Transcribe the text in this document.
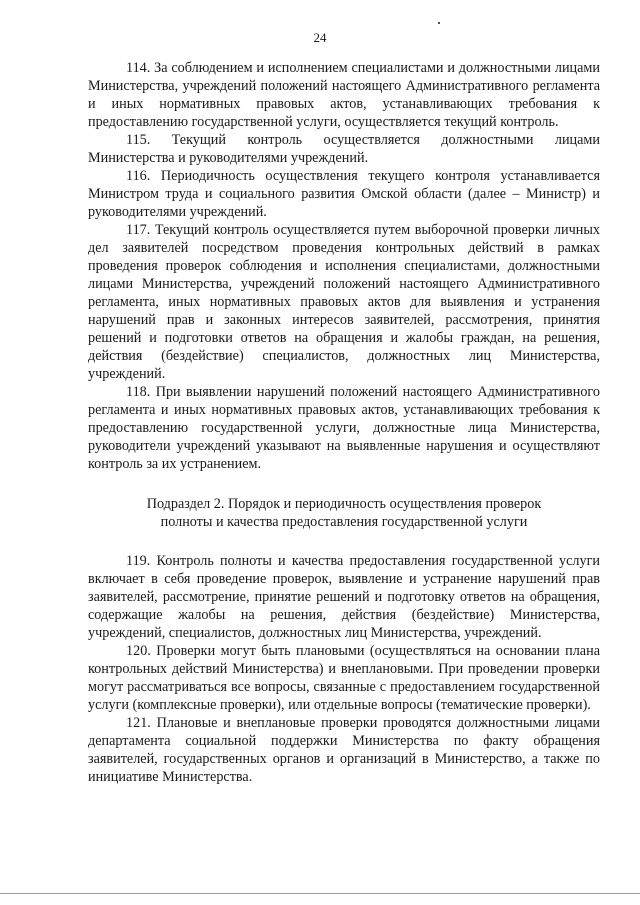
24

114. За соблюдением и исполнением специалистами и должностными лицами Министерства, учреждений положений настоящего Административного регламента и иных нормативных правовых актов, устанавливающих требования к предоставлению государственной услуги, осуществляется текущий контроль.

115. Текущий контроль осуществляется должностными лицами Министерства и руководителями учреждений.

116. Периодичность осуществления текущего контроля устанавливается Министром труда и социального развития Омской области (далее – Министр) и руководителями учреждений.

117. Текущий контроль осуществляется путем выборочной проверки личных дел заявителей посредством проведения контрольных действий в рамках проведения проверок соблюдения и исполнения специалистами, должностными лицами Министерства, учреждений положений настоящего Административного регламента, иных нормативных правовых актов для выявления и устранения нарушений прав и законных интересов заявителей, рассмотрения, принятия решений и подготовки ответов на обращения и жалобы граждан, на решения, действия (бездействие) специалистов, должностных лиц Министерства, учреждений.

118. При выявлении нарушений положений настоящего Административного регламента и иных нормативных правовых актов, устанавливающих требования к предоставлению государственной услуги, должностные лица Министерства, руководители учреждений указывают на выявленные нарушения и осуществляют контроль за их устранением.

Подраздел 2. Порядок и периодичность осуществления проверок
полноты и качества предоставления государственной услуги

119. Контроль полноты и качества предоставления государственной услуги включает в себя проведение проверок, выявление и устранение нарушений прав заявителей, рассмотрение, принятие решений и подготовку ответов на обращения, содержащие жалобы на решения, действия (бездействие) Министерства, учреждений, специалистов, должностных лиц Министерства, учреждений.

120. Проверки могут быть плановыми (осуществляться на основании плана контрольных действий Министерства) и внеплановыми. При проведении проверки могут рассматриваться все вопросы, связанные с предоставлением государственной услуги (комплексные проверки), или отдельные вопросы (тематические проверки).

121. Плановые и внеплановые проверки проводятся должностными лицами департамента социальной поддержки Министерства по факту обращения заявителей, государственных органов и организаций в Министерство, а также по инициативе Министерства.
